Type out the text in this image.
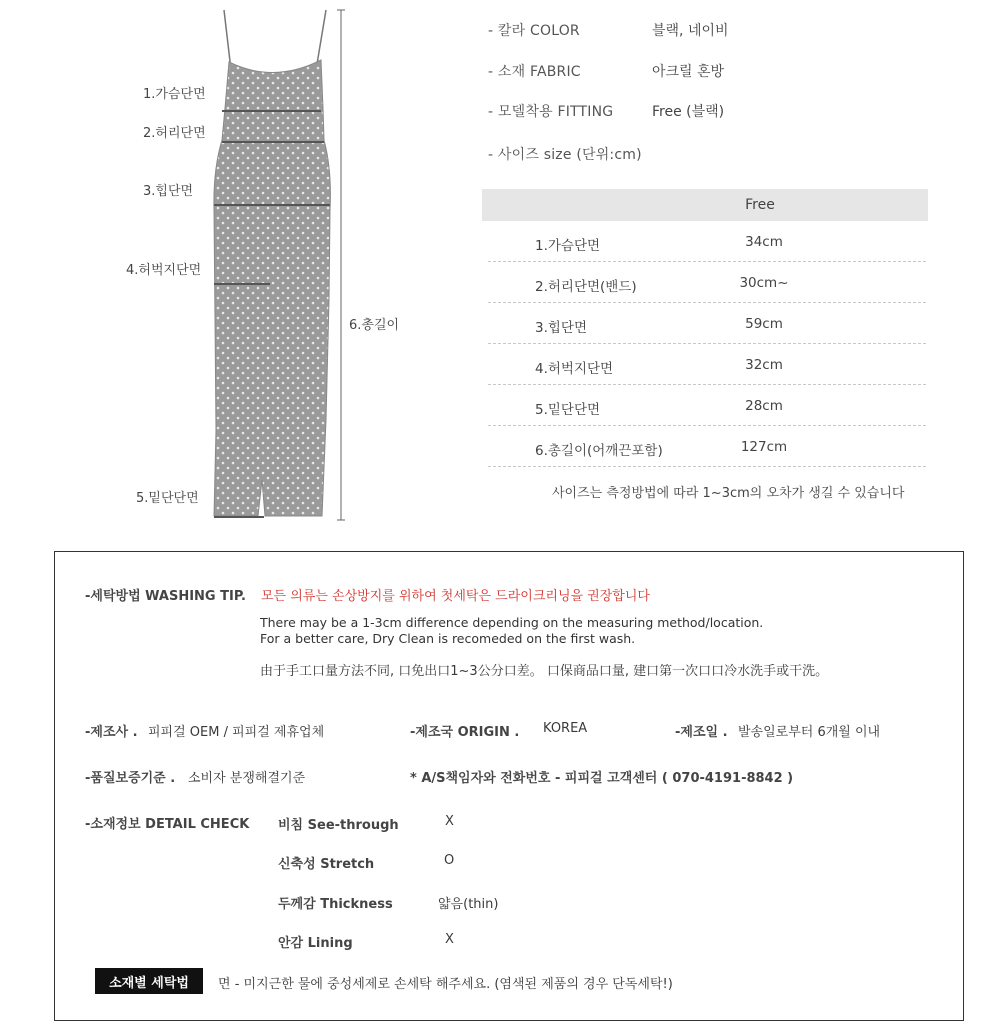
1.가슴단면
2.허리단면
3.힙단면
4.허벅지단면
5.밑단단면
6.총길이
- 칼라 COLOR	블랙, 네이비
- 소재 FABRIC	아크릴 혼방
- 모델착용 FITTING	Free (블랙)
- 사이즈 size (단위:cm)
Free
1.가슴단면	34cm
2.허리단면(밴드)	30cm~
3.힙단면	59cm
4.허벅지단면	32cm
5.밑단단면	28cm
6.총길이(어깨끈포함)	127cm
사이즈는 측정방법에 따라 1~3cm의 오차가 생길 수 있습니다
-세탁방법 WASHING TIP. 모든 의류는 손상방지를 위하여 첫세탁은 드라이크리닝을 권장합니다
There may be a 1-3cm difference depending on the measuring method/location.
For a better care, Dry Clean is recomeded on the first wash.
由于手工口量方法不同, 口免出口1~3公分口差。 口保商品口量, 建口第一次口口冷水洗手或干洗。
-제조사 . 피피걸 OEM / 피피걸 제휴업체	-제조국 ORIGIN . KOREA	-제조일 . 발송일로부터 6개월 이내
-품질보증기준 . 소비자 분쟁해결기준	* A/S책임자와 전화번호 - 피피걸 고객센터 ( 070-4191-8842 )
-소재정보 DETAIL CHECK 비침 See-through	X
신축성 Stretch	O
두께감 Thickness	얇음(thin)
안감 Lining	X
소재별 세탁법	면 - 미지근한 물에 중성세제로 손세탁 해주세요. (염색된 제품의 경우 단독세탁!)
